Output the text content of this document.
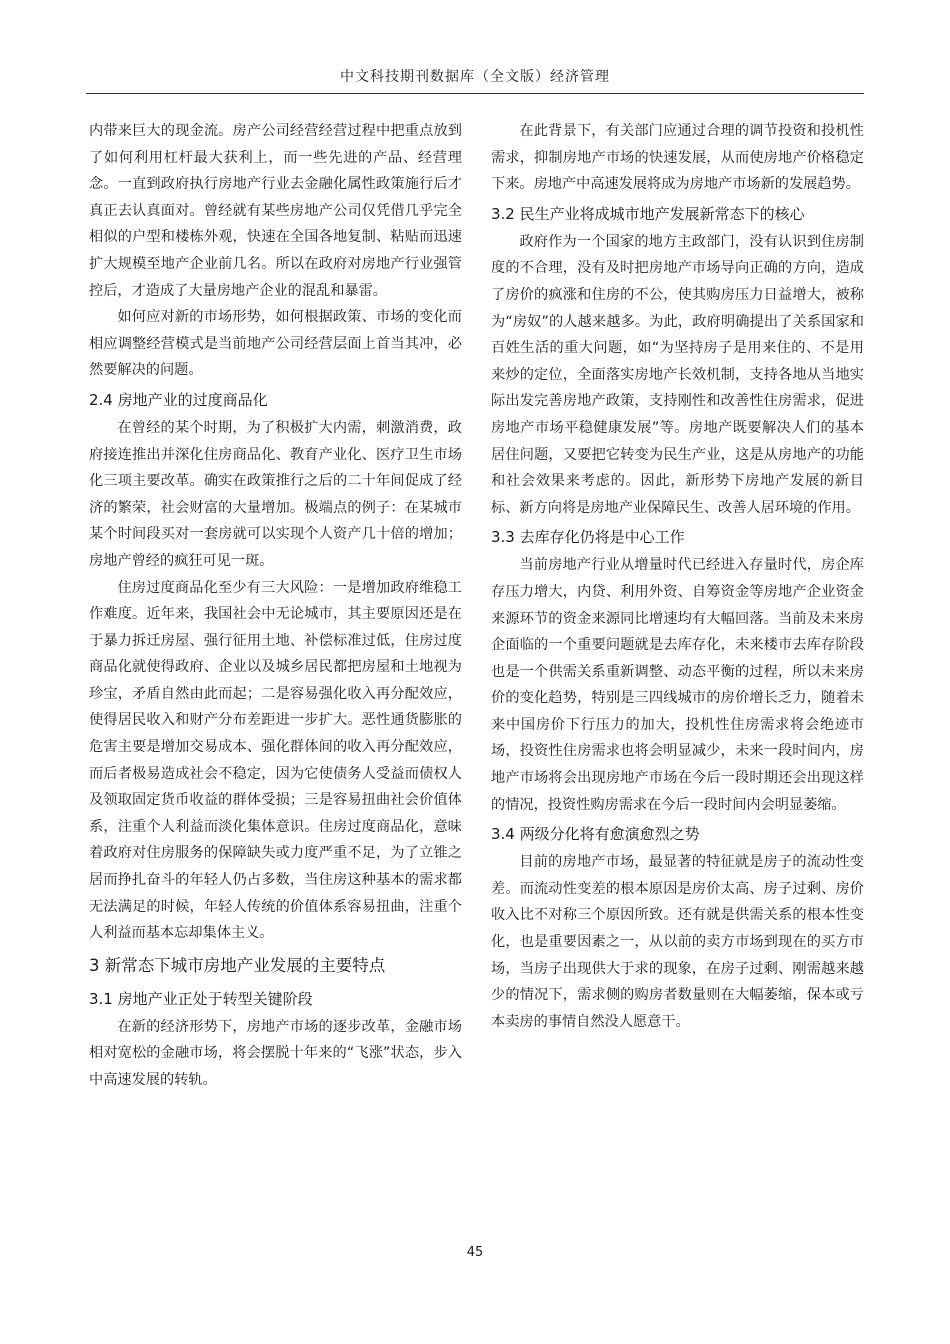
中文科技期刊数据库（全文版）经济管理

内带来巨大的现金流。房产公司经营经营过程中把重点放到了如何利用杠杆最大获利上，而一些先进的产品、经营理念。一直到政府执行房地产行业去金融化属性政策施行后才真正去认真面对。曾经就有某些房地产公司仅凭借几乎完全相似的户型和楼栋外观，快速在全国各地复制、粘贴而迅速扩大规模至地产企业前几名。所以在政府对房地产行业强管控后，才造成了大量房地产企业的混乱和暴雷。

如何应对新的市场形势，如何根据政策、市场的变化而相应调整经营模式是当前地产公司经营层面上首当其冲，必然要解决的问题。

2.4 房地产业的过度商品化

在曾经的某个时期，为了积极扩大内需，刺激消费，政府接连推出并深化住房商品化、教育产业化、医疗卫生市场化三项主要改革。确实在政策推行之后的二十年间促成了经济的繁荣，社会财富的大量增加。极端点的例子：在某城市某个时间段买对一套房就可以实现个人资产几十倍的增加；房地产曾经的疯狂可见一斑。

住房过度商品化至少有三大风险：一是增加政府维稳工作难度。近年来，我国社会中无论城市，其主要原因还是在于暴力拆迁房屋、强行征用土地、补偿标准过低，住房过度商品化就使得政府、企业以及城乡居民都把房屋和土地视为珍宝，矛盾自然由此而起；二是容易强化收入再分配效应，使得居民收入和财产分布差距进一步扩大。恶性通货膨胀的危害主要是增加交易成本、强化群体间的收入再分配效应，而后者极易造成社会不稳定，因为它使债务人受益而债权人及领取固定货币收益的群体受损；三是容易扭曲社会价值体系，注重个人利益而淡化集体意识。住房过度商品化，意味着政府对住房服务的保障缺失或力度严重不足，为了立锥之居而挣扎奋斗的年轻人仍占多数，当住房这种基本的需求都无法满足的时候，年轻人传统的价值体系容易扭曲，注重个人利益而基本忘却集体主义。

3 新常态下城市房地产业发展的主要特点
3.1 房地产业正处于转型关键阶段

在新的经济形势下，房地产市场的逐步改革，金融市场相对宽松的金融市场，将会摆脱十年来的“飞涨”状态，步入中高速发展的转轨。

在此背景下，有关部门应通过合理的调节投资和投机性需求，抑制房地产市场的快速发展，从而使房地产价格稳定下来。房地产中高速发展将成为房地产市场新的发展趋势。

3.2 民生产业将成城市地产发展新常态下的核心

政府作为一个国家的地方主政部门，没有认识到住房制度的不合理，没有及时把房地产市场导向正确的方向，造成了房价的疯涨和住房的不公，使其购房压力日益增大，被称为“房奴”的人越来越多。为此，政府明确提出了关系国家和百姓生活的重大问题，如“为坚持房子是用来住的、不是用来炒的定位，全面落实房地产长效机制，支持各地从当地实际出发完善房地产政策，支持刚性和改善性住房需求，促进房地产市场平稳健康发展”等。房地产既要解决人们的基本居住问题，又要把它转变为民生产业，这是从房地产的功能和社会效果来考虑的。因此，新形势下房地产发展的新目标、新方向将是房地产业保障民生、改善人居环境的作用。

3.3 去库存化仍将是中心工作

当前房地产行业从增量时代已经进入存量时代，房企库存压力增大，内贷、利用外资、自筹资金等房地产企业资金来源环节的资金来源同比增速均有大幅回落。当前及未来房企面临的一个重要问题就是去库存化，未来楼市去库存阶段也是一个供需关系重新调整、动态平衡的过程，所以未来房价的变化趋势，特别是三四线城市的房价增长乏力，随着未来中国房价下行压力的加大，投机性住房需求将会绝迹市场，投资性住房需求也将会明显减少，未来一段时间内，房地产市场将会出现房地产市场在今后一段时期还会出现这样的情况，投资性购房需求在今后一段时间内会明显萎缩。

3.4 两级分化将有愈演愈烈之势

目前的房地产市场，最显著的特征就是房子的流动性变差。而流动性变差的根本原因是房价太高、房子过剩、房价收入比不对称三个原因所致。还有就是供需关系的根本性变化，也是重要因素之一，从以前的卖方市场到现在的买方市场，当房子出现供大于求的现象，在房子过剩、刚需越来越少的情况下，需求侧的购房者数量则在大幅萎缩，保本或亏本卖房的事情自然没人愿意干。

45
